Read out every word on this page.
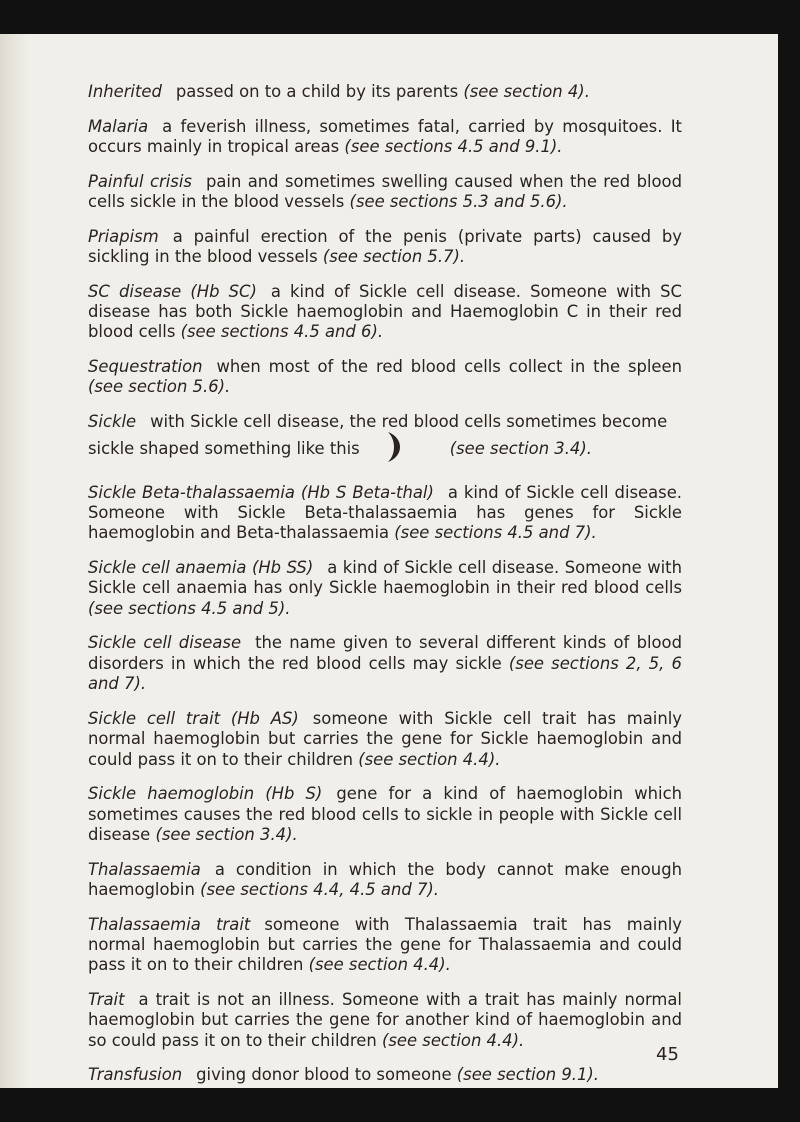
Inherited passed on to a child by its parents (see section 4).

Malaria a feverish illness, sometimes fatal, carried by mosquitoes. It occurs mainly in tropical areas (see sections 4.5 and 9.1).

Painful crisis pain and sometimes swelling caused when the red blood cells sickle in the blood vessels (see sections 5.3 and 5.6).

Priapism a painful erection of the penis (private parts) caused by sickling in the blood vessels (see section 5.7).

SC disease (Hb SC) a kind of Sickle cell disease. Someone with SC disease has both Sickle haemoglobin and Haemoglobin C in their red blood cells (see sections 4.5 and 6).

Sequestration when most of the red blood cells collect in the spleen (see section 5.6).

Sickle with Sickle cell disease, the red blood cells sometimes become
sickle shaped something like this	(see section 3.4).

Sickle Beta-thalassaemia (Hb S Beta-thal) a kind of Sickle cell disease. Someone with Sickle Beta-thalassaemia has genes for Sickle haemoglobin and Beta-thalassaemia (see sections 4.5 and 7).

Sickle cell anaemia (Hb SS) a kind of Sickle cell disease. Someone with Sickle cell anaemia has only Sickle haemoglobin in their red blood cells (see sections 4.5 and 5).

Sickle cell disease the name given to several different kinds of blood disorders in which the red blood cells may sickle (see sections 2, 5, 6 and 7).

Sickle cell trait (Hb AS) someone with Sickle cell trait has mainly normal haemoglobin but carries the gene for Sickle haemoglobin and could pass it on to their children (see section 4.4).

Sickle haemoglobin (Hb S) gene for a kind of haemoglobin which sometimes causes the red blood cells to sickle in people with Sickle cell disease (see section 3.4).

Thalassaemia a condition in which the body cannot make enough haemoglobin (see sections 4.4, 4.5 and 7).

Thalassaemia trait someone with Thalassaemia trait has mainly normal haemoglobin but carries the gene for Thalassaemia and could pass it on to their children (see section 4.4).

Trait a trait is not an illness. Someone with a trait has mainly normal haemoglobin but carries the gene for another kind of haemoglobin and so could pass it on to their children (see section 4.4).

Transfusion giving donor blood to someone (see section 9.1).

45
